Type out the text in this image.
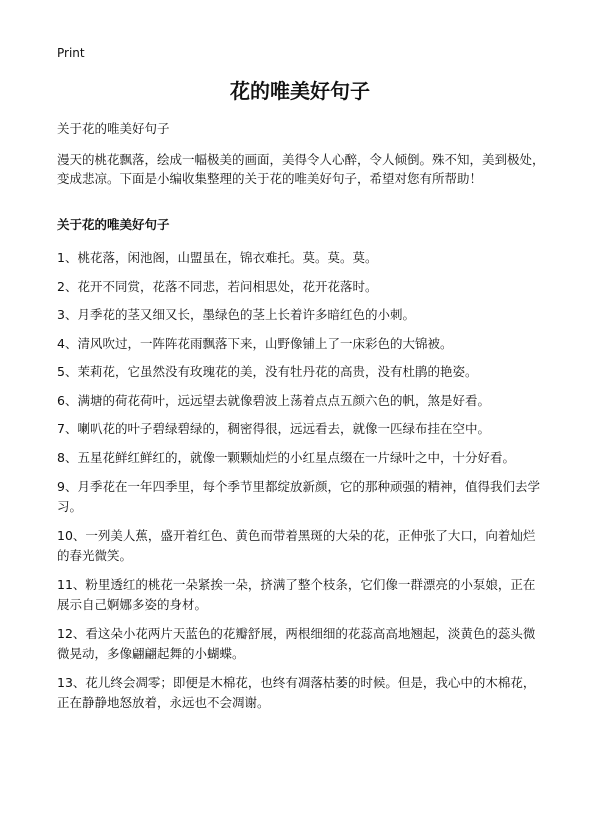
Print
花的唯美好句子
关于花的唯美好句子
漫天的桃花飘落，绘成一幅极美的画面，美得令人心醉，令人倾倒。殊不知，美到极处，变成悲凉。下面是小编收集整理的关于花的唯美好句子，希望对您有所帮助！
关于花的唯美好句子
1、桃花落，闲池阁，山盟虽在，锦衣难托。莫。莫。莫。
2、花开不同赏，花落不同悲，若问相思处，花开花落时。
3、月季花的茎又细又长，墨绿色的茎上长着许多暗红色的小刺。
4、清风吹过，一阵阵花雨飘落下来，山野像铺上了一床彩色的大锦被。
5、茉莉花，它虽然没有玫瑰花的美，没有牡丹花的高贵，没有杜鹃的艳姿。
6、满塘的荷花荷叶，远远望去就像碧波上荡着点点五颜六色的帆，煞是好看。
7、喇叭花的叶子碧绿碧绿的，稠密得很，远远看去，就像一匹绿布挂在空中。
8、五星花鲜红鲜红的，就像一颗颗灿烂的小红星点缀在一片绿叶之中，十分好看。
9、月季花在一年四季里，每个季节里都绽放新颜，它的那种顽强的精神，值得我们去学习。
10、一列美人蕉，盛开着红色、黄色而带着黑斑的大朵的花，正伸张了大口，向着灿烂的春光微笑。
11、粉里透红的桃花一朵紧挨一朵，挤满了整个枝条，它们像一群漂亮的小泵娘，正在展示自己婀娜多姿的身材。
12、看这朵小花两片天蓝色的花瓣舒展，两根细细的花蕊高高地翘起，淡黄色的蕊头微微晃动，多像翩翩起舞的小蝴蝶。
13、花儿终会凋零；即便是木棉花，也终有凋落枯萎的时候。但是，我心中的木棉花，正在静静地怒放着，永远也不会凋谢。
